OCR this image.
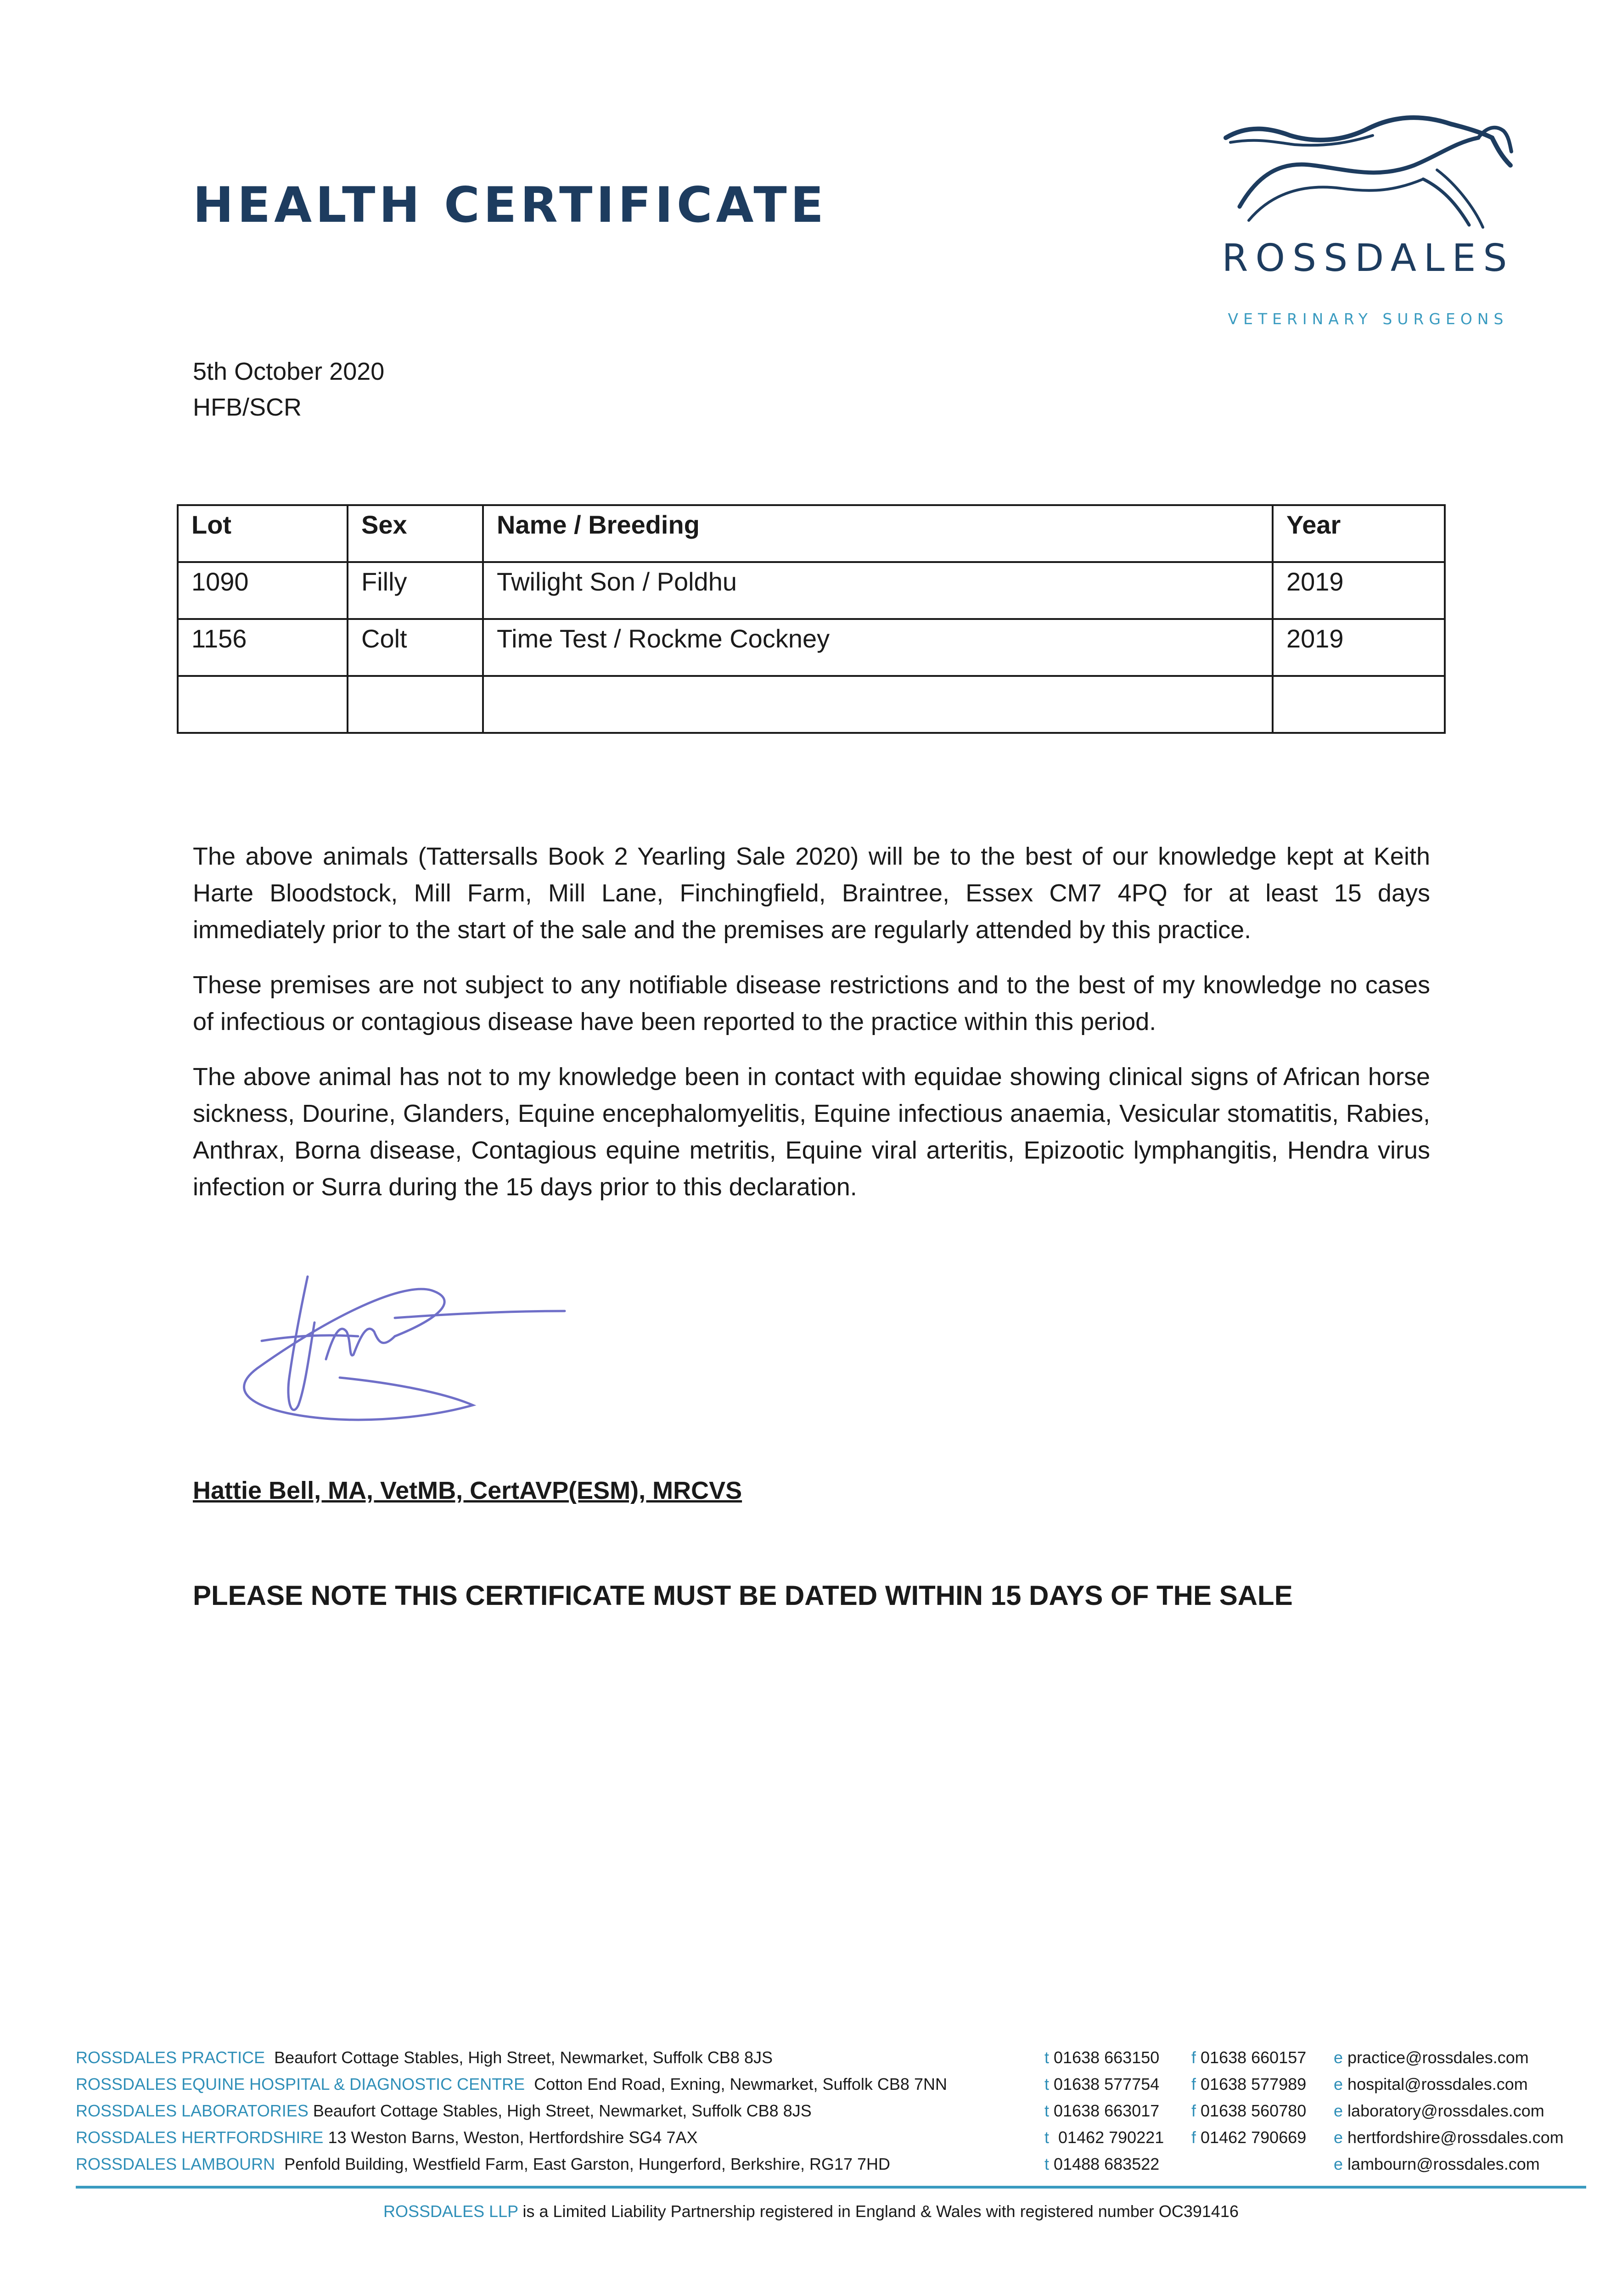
HEALTH CERTIFICATE
ROSSDALES
VETERINARY SURGEONS
5th October 2020
HFB/SCR
Lot	Sex	Name / Breeding	Year
1090	Filly	Twilight Son / Poldhu	2019
1156	Colt	Time Test / Rockme Cockney	2019

The above animals (Tattersalls Book 2 Yearling Sale 2020) will be to the best of our knowledge kept at Keith Harte Bloodstock, Mill Farm, Mill Lane, Finchingfield, Braintree, Essex CM7 4PQ for at least 15 days immediately prior to the start of the sale and the premises are regularly attended by this practice.

These premises are not subject to any notifiable disease restrictions and to the best of my knowledge no cases of infectious or contagious disease have been reported to the practice within this period.

The above animal has not to my knowledge been in contact with equidae showing clinical signs of African horse sickness, Dourine, Glanders, Equine encephalomyelitis, Equine infectious anaemia, Vesicular stomatitis, Rabies, Anthrax, Borna disease, Contagious equine metritis, Equine viral arteritis, Epizootic lymphangitis, Hendra virus infection or Surra during the 15 days prior to this declaration.

Hattie Bell, MA, VetMB, CertAVP(ESM), MRCVS
PLEASE NOTE THIS CERTIFICATE MUST BE DATED WITHIN 15 DAYS OF THE SALE
ROSSDALES PRACTICE Beaufort Cottage Stables, High Street, Newmarket, Suffolk CB8 8JS	t 01638 663150 f 01638 660157 e practice@rossdales.com
ROSSDALES EQUINE HOSPITAL & DIAGNOSTIC CENTRE Cotton End Road, Exning, Newmarket, Suffolk CB8 7NN	t 01638 577754 f 01638 577989 e hospital@rossdales.com
ROSSDALES LABORATORIES Beaufort Cottage Stables, High Street, Newmarket, Suffolk CB8 8JS	t 01638 663017 f 01638 560780 e laboratory@rossdales.com
ROSSDALES HERTFORDSHIRE 13 Weston Barns, Weston, Hertfordshire SG4 7AX	t 01462 790221 f 01462 790669 e hertfordshire@rossdales.com
ROSSDALES LAMBOURN Penfold Building, Westfield Farm, East Garston, Hungerford, Berkshire, RG17 7HD	t 01488 683522	e lambourn@rossdales.com
ROSSDALES LLP is a Limited Liability Partnership registered in England & Wales with registered number OC391416
